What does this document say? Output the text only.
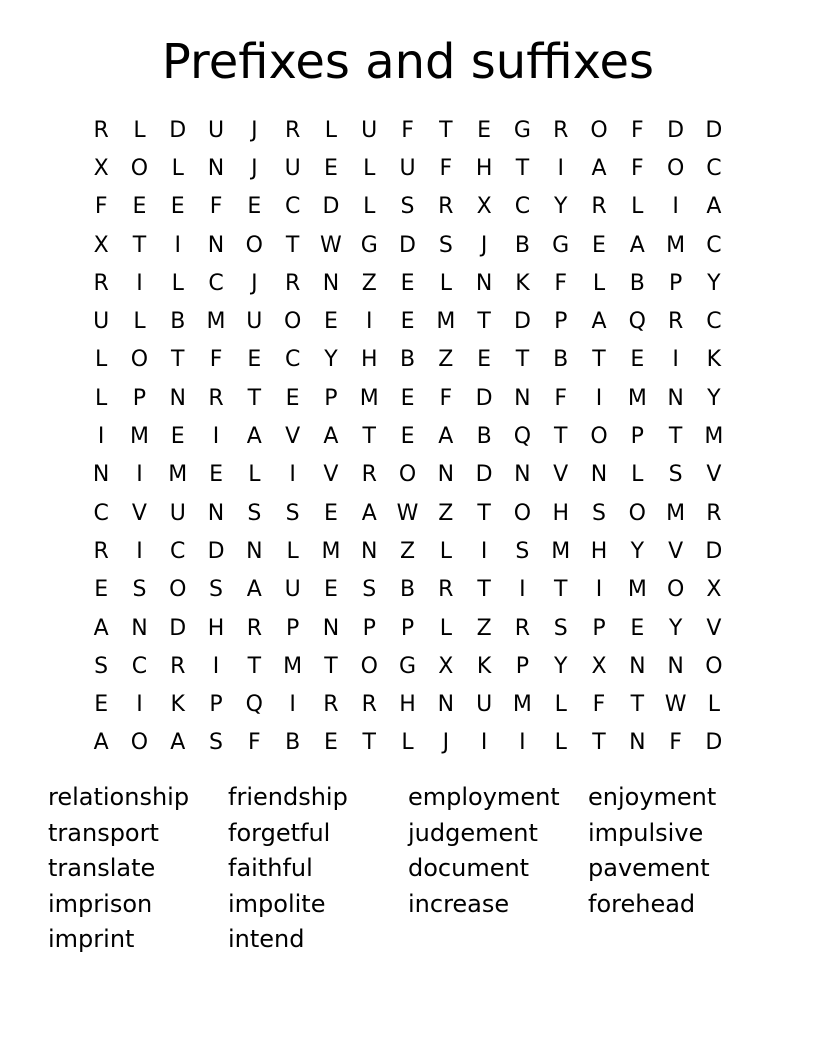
Prefixes and suffixes
R	L	D U	J	R	L	U	F	T	E	G	R O	F	D D
X	O	L	N	J	U	E	L	U	F	H	T	I	A	F	O C
F	E	E	F	E	C	D	L	S	R	X	C	Y	R	L	I	A
X	T	I	N O	T W G D	S	J	B	G	E	A M C
R	I	L	C	J	R	N	Z	E	L	N	K	F	L	B	P	Y
U	L	B M U O	E	I	E M	T	D	P	A	Q R	C
L	O	T	F	E	C	Y	H	B	Z	E	T	B	T	E	I	K
L	P	N	R	T	E	P	M E	F	D N	F	I	M N	Y
I	M E	I	A	V	A	T	E	A	B	Q	T	O	P	T	M
N	I	M E	L	I	V	R O N D N	V	N	L	S	V
C	V	U	N	S	S	E	A W Z	T	O H	S	O M R
R	I	C	D N	L	M N	Z	L	I	S M H	Y	V	D
E	S	O	S	A	U	E	S	B	R	T	I	T	I	M O	X
A	N D H	R	P	N	P	P	L	Z	R	S	P	E	Y	V
S	C	R	I	T	M	T	O G	X	K	P	Y	X	N N O
E	I	K	P	Q	I	R	R	H N	U M	L	F	T W L
A	O	A	S	F	B	E	T	L	J	I	I	L	T	N	F	D
relationship	friendship	employment	enjoyment
transport	forgetful	judgement	impulsive
translate	faithful	document	pavement
imprison	impolite	increase	forehead
imprint	intend
